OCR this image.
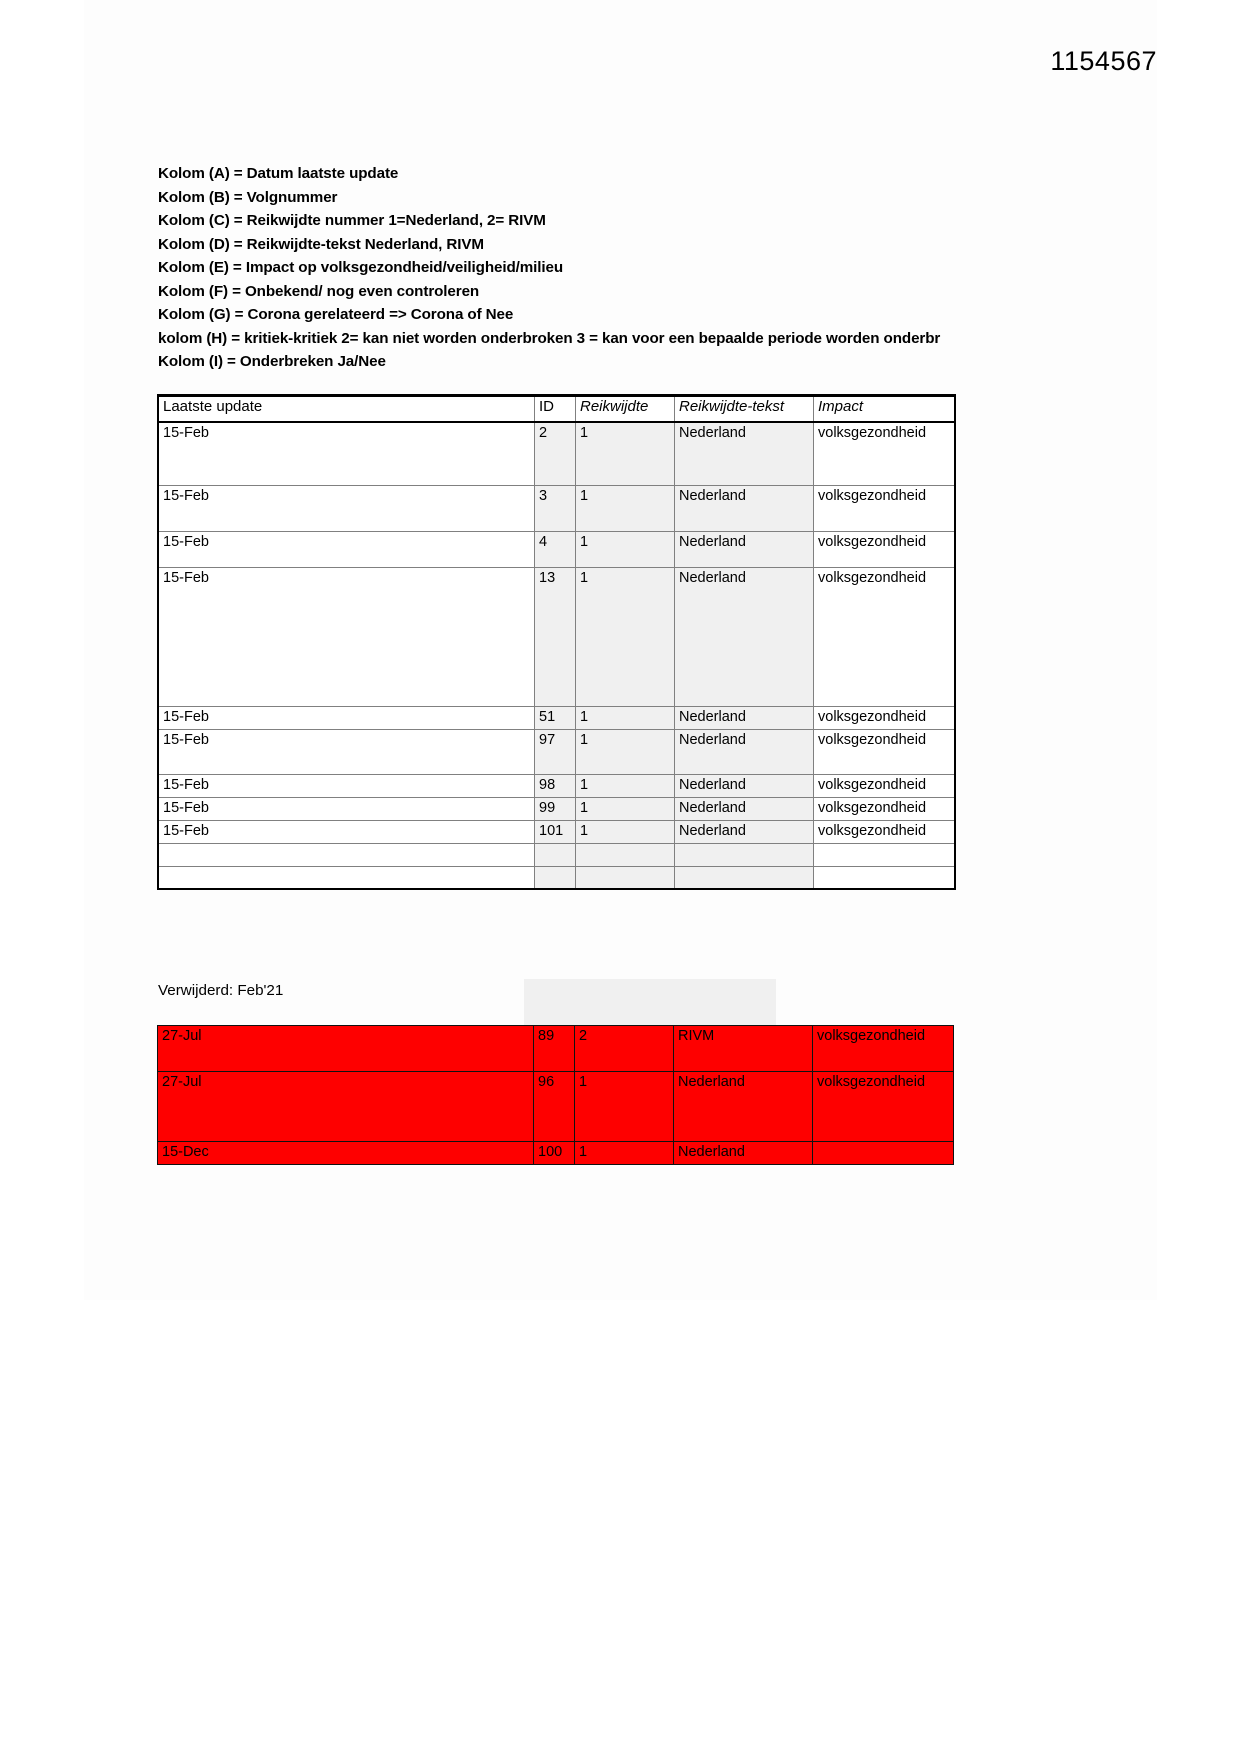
1154567
Kolom (A) = Datum laatste update
Kolom (B) = Volgnummer
Kolom (C) = Reikwijdte nummer 1=Nederland, 2= RIVM
Kolom (D) = Reikwijdte-tekst Nederland, RIVM
Kolom (E) = Impact op volksgezondheid/veiligheid/milieu
Kolom (F) = Onbekend/ nog even controleren
Kolom (G) = Corona gerelateerd => Corona of Nee
kolom (H) = kritiek-kritiek 2= kan niet worden onderbroken 3 = kan voor een bepaalde periode worden onderbr
Kolom (I) = Onderbreken Ja/Nee
Laatste update	ID	Reikwijdte	Reikwijdte-tekst	Impact
15-Feb	2	1	Nederland	volksgezondheid
15-Feb	3	1	Nederland	volksgezondheid
15-Feb	4	1	Nederland	volksgezondheid
15-Feb	13	1	Nederland	volksgezondheid
15-Feb	51	1	Nederland	volksgezondheid
15-Feb	97	1	Nederland	volksgezondheid
15-Feb	98	1	Nederland	volksgezondheid
15-Feb	99	1	Nederland	volksgezondheid
15-Feb	101	1	Nederland	volksgezondheid

Verwijderd: Feb'21
27-Jul	89	2	RIVM	volksgezondheid
27-Jul	96	1	Nederland	volksgezondheid
15-Dec	100	1	Nederland	
